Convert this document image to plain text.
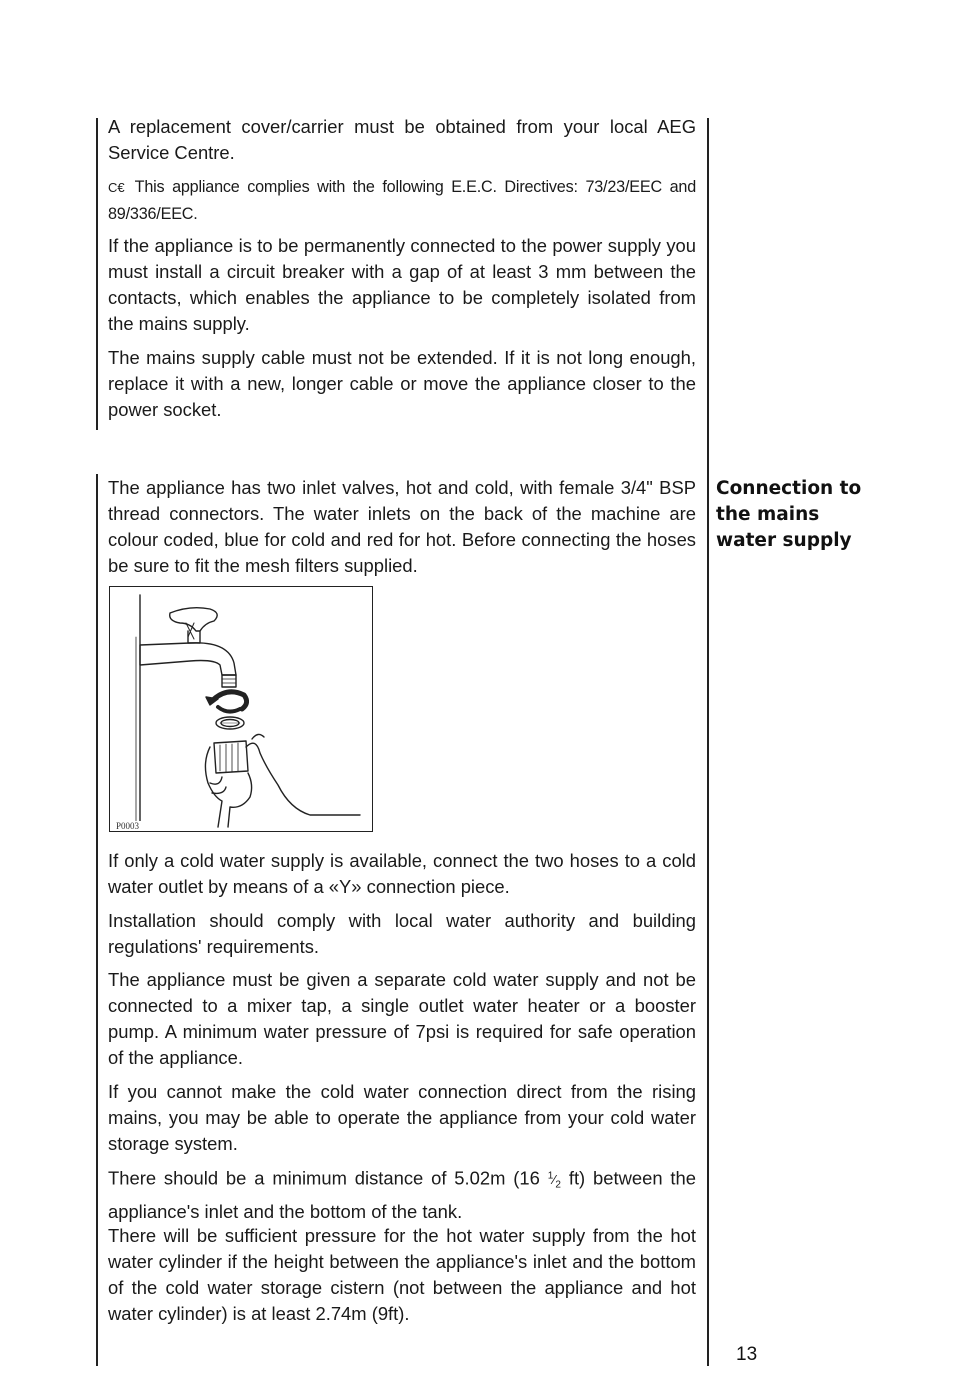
A replacement cover/carrier must be obtained from your local AEG Service Centre.

C€ This appliance complies with the following E.E.C. Directives: 73/23/EEC and 89/336/EEC.

If the appliance is to be permanently connected to the power supply you must install a circuit breaker with a gap of at least 3 mm between the contacts, which enables the appliance to be completely isolated from the mains supply.

The mains supply cable must not be extended. If it is not long enough, replace it with a new, longer cable or move the appliance closer to the power socket.

Connection to
the mains
water supply

The appliance has two inlet valves, hot and cold, with female 3/4" BSP thread connectors. The water inlets on the back of the machine are colour coded, blue for cold and red for hot. Before connecting the hoses be sure to fit the mesh filters supplied.

P0003

If only a cold water supply is available, connect the two hoses to a cold water outlet by means of a «Y» connection piece.

Installation should comply with local water authority and building regulations' requirements.

The appliance must be given a separate cold water supply and not be connected to a mixer tap, a single outlet water heater or a booster pump. A minimum water pressure of 7psi is required for safe operation of the appliance.

If you cannot make the cold water connection direct from the rising mains, you may be able to operate the appliance from your cold water storage system.

There should be a minimum distance of 5.02m (16 $^1⁄_2$ ft) between the appliance's inlet and the bottom of the tank.

There will be sufficient pressure for the hot water supply from the hot water cylinder if the height between the appliance's inlet and the bottom of the cold water storage cistern (not between the appliance and hot water cylinder) is at least 2.74m (9ft).

13
